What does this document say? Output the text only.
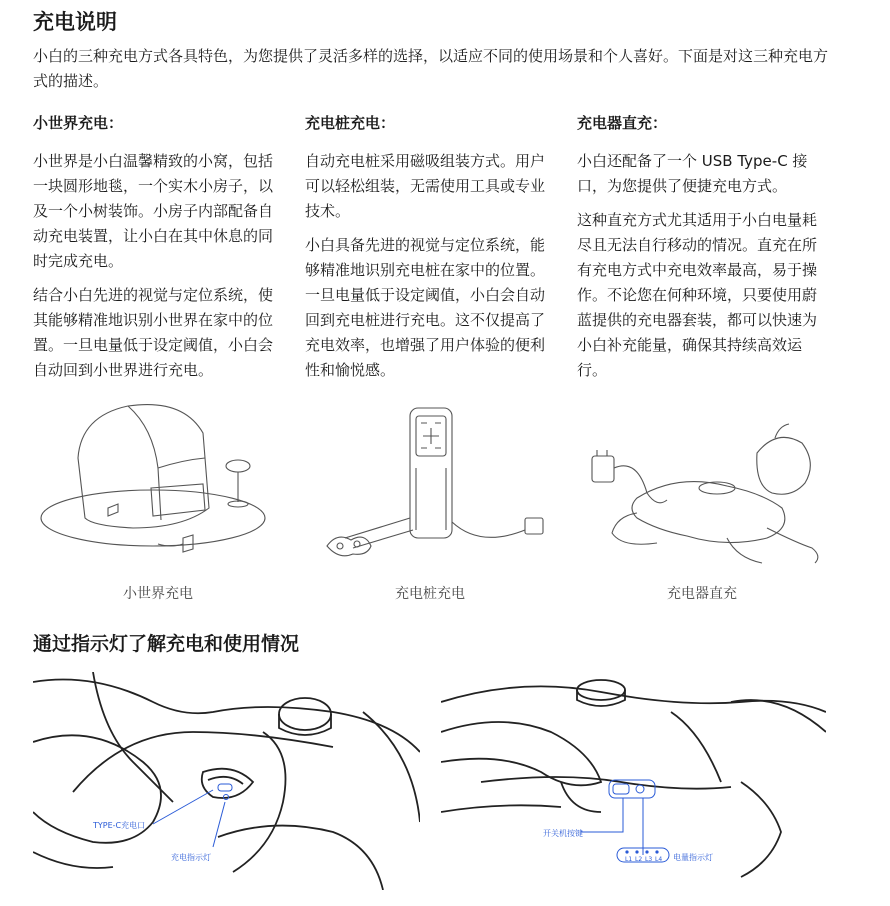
充电说明

小白的三种充电方式各具特色，为您提供了灵活多样的选择，以适应不同的使用场景和个人喜好。下面是对这三种充电方式的描述。

小世界充电：

小世界是小白温馨精致的小窝，包括一块圆形地毯，一个实木小房子，以及一个小树装饰。小房子内部配备自动充电装置，让小白在其中休息的同时完成充电。

结合小白先进的视觉与定位系统，使其能够精准地识别小世界在家中的位置。一旦电量低于设定阈值，小白会自动回到小世界进行充电。

充电桩充电：

自动充电桩采用磁吸组装方式。用户可以轻松组装，无需使用工具或专业技术。

小白具备先进的视觉与定位系统，能够精准地识别充电桩在家中的位置。一旦电量低于设定阈值，小白会自动回到充电桩进行充电。这不仅提高了充电效率，也增强了用户体验的便利性和愉悦感。

充电器直充：

小白还配备了一个 USB Type-C 接口，为您提供了便捷充电方式。

这种直充方式尤其适用于小白电量耗尽且无法自行移动的情况。直充在所有充电方式中充电效率最高，易于操作。不论您在何种环境，只要使用蔚蓝提供的充电器套装，都可以快速为小白补充能量，确保其持续高效运行。

小世界充电	充电桩充电	充电器直充
通过指示灯了解充电和使用情况
TYPE-C充电口
充电指示灯
开关机按键
L1 L2 L3 L4 电量指示灯
